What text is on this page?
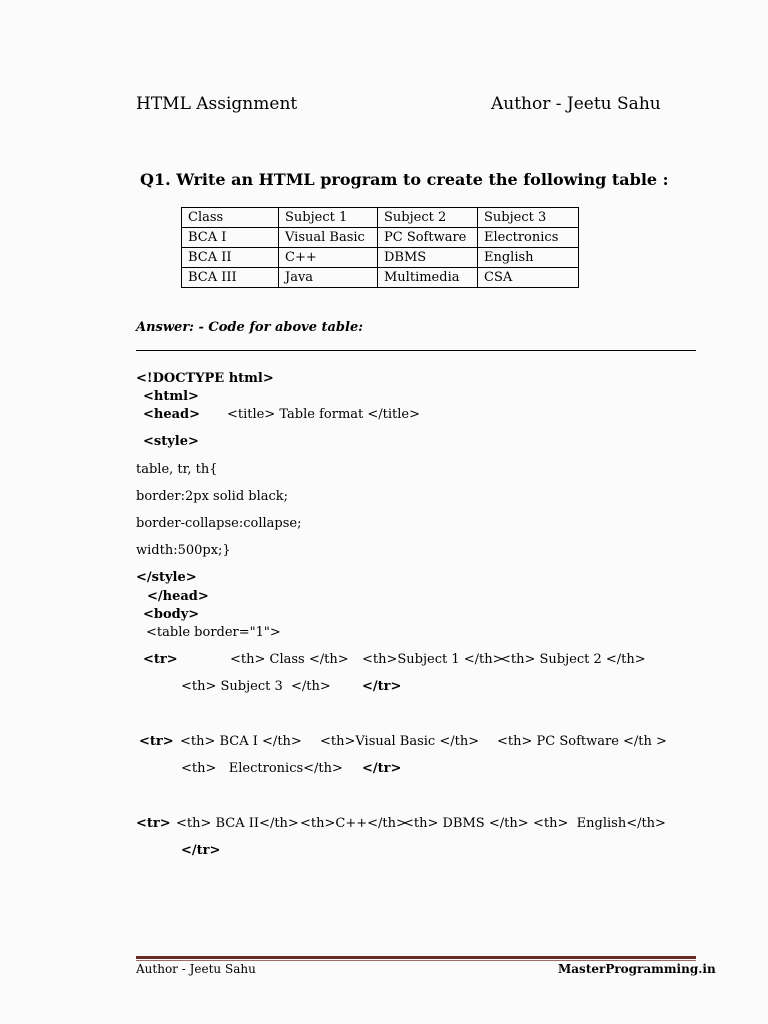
HTML Assignment	Author - Jeetu Sahu
Q1. Write an HTML program to create the following table :
Class	Subject 1	Subject 2	Subject 3
BCA I	Visual Basic	PC Software	Electronics
BCA II	C++	DBMS	English
BCA III	Java	Multimedia	CSA
Answer: - Code for above table:
<!DOCTYPE html>
<html>
<head> <title> Table format </title>
<style>
table, tr, th{
border:2px solid black;
border-collapse:collapse;
width:500px;}
</style>
</head>
<body>
<table border="1">
<tr>	<th> Class </th> <th>Subject 1 </th>
<th> Subject 2 </th>
<th> Subject 3  </th> </tr>
<tr> <th> BCA I </th> <th>Visual Basic </th> <th> PC Software </th >
<th>   Electronics</th> </tr>
<tr> <th> BCA II</th> <th>C++</th>
<th> DBMS </th> <th>  English</th>
</tr>
Author - Jeetu Sahu	MasterProgramming.in
